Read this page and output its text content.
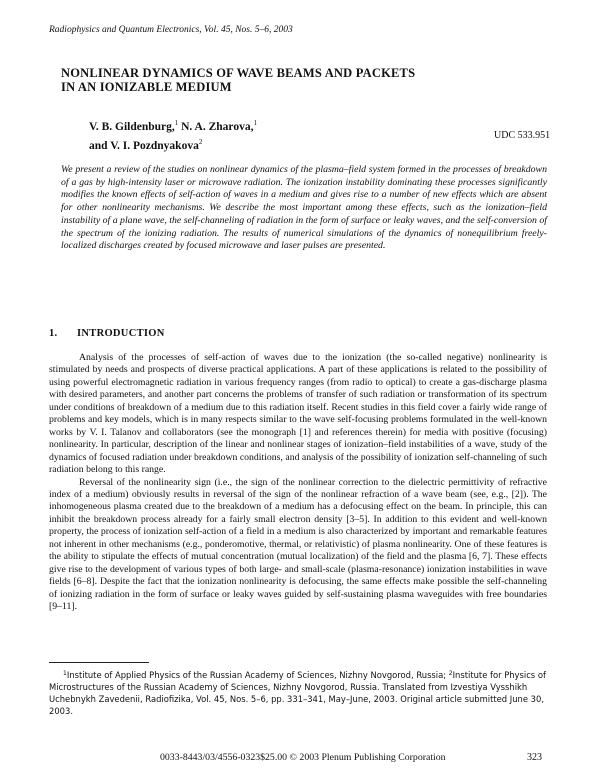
Radiophysics and Quantum Electronics, Vol. 45, Nos. 5–6, 2003
NONLINEAR DYNAMICS OF WAVE BEAMS AND PACKETS
IN AN IONIZABLE MEDIUM
V. B. Gildenburg,$^1$ N. A. Zharova,$^1$
and V. I. Pozdnyakova$^2$
UDC 533.951
We present a review of the studies on nonlinear dynamics of the plasma–field system formed in the processes of breakdown of a gas by high-intensity laser or microwave radiation. The ionization instability dominating these processes significantly modifies the known effects of self-action of waves in a medium and gives rise to a number of new effects which are absent for other nonlinearity mechanisms. We describe the most important among these effects, such as the ionization–field instability of a plane wave, the self-channeling of radiation in the form of surface or leaky waves, and the self-conversion of the spectrum of the ionizing radiation. The results of numerical simulations of the dynamics of nonequilibrium freely-localized discharges created by focused microwave and laser pulses are presented.
1. INTRODUCTION

Analysis of the processes of self-action of waves due to the ionization (the so-called negative) nonlinearity is stimulated by needs and prospects of diverse practical applications. A part of these applications is related to the possibility of using powerful electromagnetic radiation in various frequency ranges (from radio to optical) to create a gas-discharge plasma with desired parameters, and another part concerns the problems of transfer of such radiation or transformation of its spectrum under conditions of breakdown of a medium due to this radiation itself. Recent studies in this field cover a fairly wide range of problems and key models, which is in many respects similar to the wave self-focusing problems formulated in the well-known works by V. I. Talanov and collaborators (see the monograph [1] and references therein) for media with positive (focusing) nonlinearity. In particular, description of the linear and nonlinear stages of ionization–field instabilities of a wave, study of the dynamics of focused radiation under breakdown conditions, and analysis of the possibility of ionization self-channeling of such radiation belong to this range.

Reversal of the nonlinearity sign (i.e., the sign of the nonlinear correction to the dielectric permittivity of refractive index of a medium) obviously results in reversal of the sign of the nonlinear refraction of a wave beam (see, e.g., [2]). The inhomogeneous plasma created due to the breakdown of a medium has a defocusing effect on the beam. In principle, this can inhibit the breakdown process already for a fairly small electron density [3–5]. In addition to this evident and well-known property, the process of ionization self-action of a field in a medium is also characterized by important and remarkable features not inherent in other mechanisms (e.g., ponderomotive, thermal, or relativistic) of plasma nonlinearity. One of these features is the ability to stipulate the effects of mutual concentration (mutual localization) of the field and the plasma [6, 7]. These effects give rise to the development of various types of both large- and small-scale (plasma-resonance) ionization instabilities in wave fields [6–8]. Despite the fact that the ionization nonlinearity is defocusing, the same effects make possible the self-channeling of ionizing radiation in the form of surface or leaky waves guided by self-sustaining plasma waveguides with free boundaries [9–11].

$^1$Institute of Applied Physics of the Russian Academy of Sciences, Nizhny Novgorod, Russia; $^2$Institute for Physics of Microstructures of the Russian Academy of Sciences, Nizhny Novgorod, Russia. Translated from Izvestiya Vysshikh Uchebnykh Zavedenii, Radiofizika, Vol. 45, Nos. 5–6, pp. 331–341, May–June, 2003. Original article submitted June 30, 2003.
0033-8443/03/4556-0323$25.00 © 2003 Plenum Publishing Corporation	323
